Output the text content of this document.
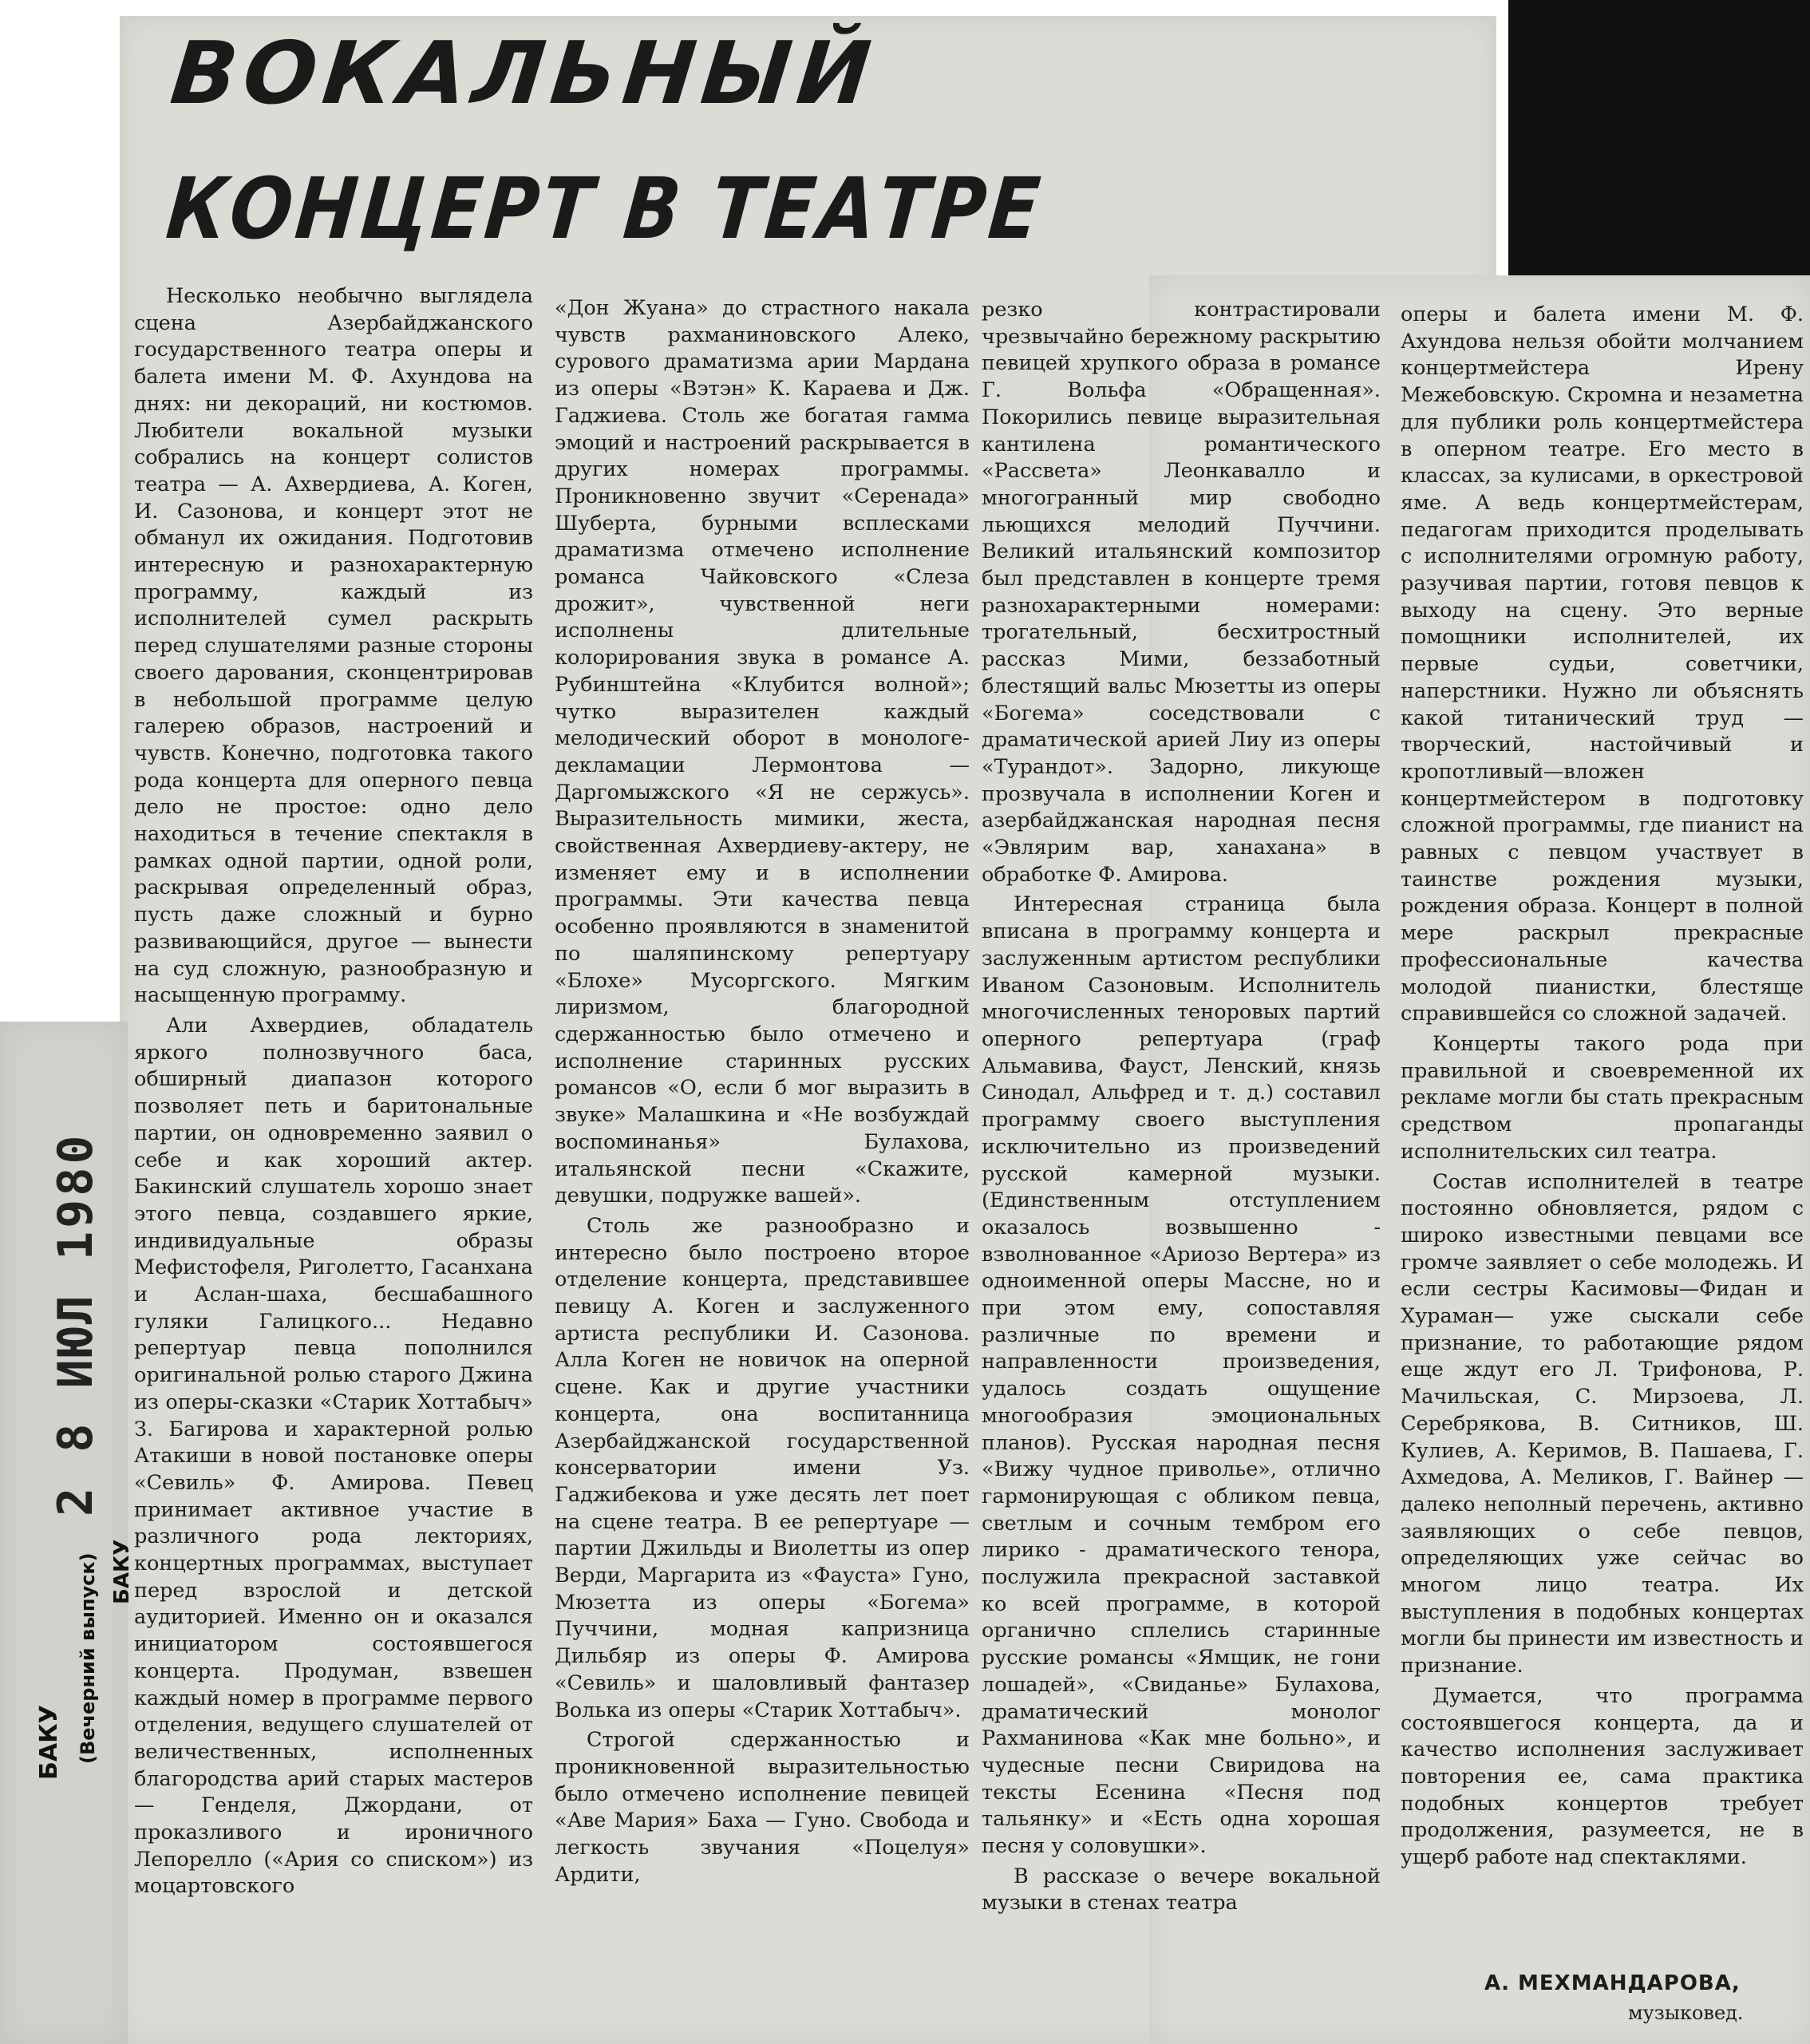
ВОКАЛЬНЫЙ
КОНЦЕРТ В ТЕАТРЕ

Несколько необычно выглядела сцена Азербайджанского государственного театра оперы и балета имени М. Ф. Ахундова на днях: ни декораций, ни костюмов. Любители вокальной музыки собрались на концерт солистов театра — А. Ахвердиева, А. Коген, И. Сазонова, и концерт этот не обманул их ожидания. Подготовив интересную и разнохарактерную программу, каждый из исполнителей сумел раскрыть перед слушателями разные стороны своего дарования, сконцентрировав в небольшой программе целую галерею образов, настроений и чувств. Конечно, подготовка такого рода концерта для оперного певца дело не простое: одно дело находиться в течение спектакля в рамках одной партии, одной роли, раскрывая определенный образ, пусть даже сложный и бурно развивающийся, другое — вынести на суд сложную, разнообразную и насыщенную программу.

Али Ахвердиев, обладатель яркого полнозвучного баса, обширный диапазон которого позволяет петь и баритональные партии, он одновременно заявил о себе и как хороший актер. Бакинский слушатель хорошо знает этого певца, создавшего яркие, индивидуальные образы Мефистофеля, Риголетто, Гасанхана и Аслан-шаха, бесшабашного гуляки Галицкого... Недавно репертуар певца пополнился оригинальной ролью старого Джина из оперы-сказки «Старик Хоттабыч» З. Багирова и характерной ролью Атакиши в новой постановке оперы «Севиль» Ф. Амирова. Певец принимает активное участие в различного рода лекториях, концертных программах, выступает перед взрослой и детской аудиторией. Именно он и оказался инициатором состоявшегося концерта. Продуман, взвешен каждый номер в программе первого отделения, ведущего слушателей от величественных, исполненных благородства арий старых мастеров — Генделя, Джордани, от проказливого и ироничного Лепорелло («Ария со списком») из моцартовского

«Дон Жуана» до страстного накала чувств рахманиновского Алеко, сурового драматизма арии Мардана из оперы «Вэтэн» К. Караева и Дж. Гаджиева. Столь же богатая гамма эмоций и настроений раскрывается в других номерах программы. Проникновенно звучит «Серенада» Шуберта, бурными всплесками драматизма отмечено исполнение романса Чайковского «Слеза дрожит», чувственной неги исполнены длительные колорирования звука в романсе А. Рубинштейна «Клубится волной»; чутко выразителен каждый мелодический оборот в монологе-декламации Лермонтова — Даргомыжского «Я не сержусь». Выразительность мимики, жеста, свойственная Ахвердиеву-актеру, не изменяет ему и в исполнении программы. Эти качества певца особенно проявляются в знаменитой по шаляпинскому репертуару «Блохе» Мусоргского. Мягким лиризмом, благородной сдержанностью было отмечено и исполнение старинных русских романсов «О, если б мог выразить в звуке» Малашкина и «Не возбуждай воспоминанья» Булахова, итальянской песни «Скажите, девушки, подружке вашей».

Столь же разнообразно и интересно было построено второе отделение концерта, представившее певицу А. Коген и заслуженного артиста республики И. Сазонова. Алла Коген не новичок на оперной сцене. Как и другие участники концерта, она воспитанница Азербайджанской государственной консерватории имени Уз. Гаджибекова и уже десять лет поет на сцене театра. В ее репертуаре — партии Джильды и Виолетты из опер Верди, Маргарита из «Фауста» Гуно, Мюзетта из оперы «Богема» Пуччини, модная капризница Дильбяр из оперы Ф. Амирова «Севиль» и шаловливый фантазер Волька из оперы «Старик Хоттабыч».

Строгой сдержанностью и проникновенной выразительностью было отмечено исполнение певицей «Аве Мария» Баха — Гуно. Свобода и легкость звучания «Поцелуя» Ардити,

резко контрастировали чрезвычайно бережному раскрытию певицей хрупкого образа в романсе Г. Вольфа «Обращенная». Покорились певице выразительная кантилена романтического «Рассвета» Леонкавалло и многогранный мир свободно льющихся мелодий Пуччини. Великий итальянский композитор был представлен в концерте тремя разнохарактерными номерами: трогательный, бесхитростный рассказ Мими, беззаботный блестящий вальс Мюзетты из оперы «Богема» соседствовали с драматической арией Лиу из оперы «Турандот». Задорно, ликующе прозвучала в исполнении Коген и азербайджанская народная песня «Эвлярим вар, ханахана» в обработке Ф. Амирова.

Интересная страница была вписана в программу концерта и заслуженным артистом республики Иваном Сазоновым. Исполнитель многочисленных теноровых партий оперного репертуара (граф Альмавива, Фауст, Ленский, князь Синодал, Альфред и т. д.) составил программу своего выступления исключительно из произведений русской камерной музыки. (Единственным отступлением оказалось возвышенно - взволнованное «Ариозо Вертера» из одноименной оперы Массне, но и при этом ему, сопоставляя различные по времени и направленности произведения, удалось создать ощущение многообразия эмоциональных планов). Русская народная песня «Вижу чудное приволье», отлично гармонирующая с обликом певца, светлым и сочным тембром его лирико - драматического тенора, послужила прекрасной заставкой ко всей программе, в которой органично сплелись старинные русские романсы «Ямщик, не гони лошадей», «Свиданье» Булахова, драматический монолог Рахманинова «Как мне больно», и чудесные песни Свиридова на тексты Есенина «Песня под тальянку» и «Есть одна хорошая песня у соловушки».

В рассказе о вечере вокальной музыки в стенах театра

оперы и балета имени М. Ф. Ахундова нельзя обойти молчанием концертмейстера Ирену Межебовскую. Скромна и незаметна для публики роль концертмейстера в оперном театре. Его место в классах, за кулисами, в оркестровой яме. А ведь концертмейстерам, педагогам приходится проделывать с исполнителями огромную работу, разучивая партии, готовя певцов к выходу на сцену. Это верные помощники исполнителей, их первые судьи, советчики, наперстники. Нужно ли объяснять какой титанический труд — творческий, настойчивый и кропотливый—вложен концертмейстером в подготовку сложной программы, где пианист на равных с певцом участвует в таинстве рождения музыки, рождения образа. Концерт в полной мере раскрыл прекрасные профессиональные качества молодой пианистки, блестяще справившейся со сложной задачей.

Концерты такого рода при правильной и своевременной их рекламе могли бы стать прекрасным средством пропаганды исполнительских сил театра.

Состав исполнителей в театре постоянно обновляется, рядом с широко известными певцами все громче заявляет о себе молодежь. И если сестры Касимовы—Фидан и Хураман— уже сыскали себе признание, то работающие рядом еще ждут его Л. Трифонова, Р. Мачильская, С. Мирзоева, Л. Серебрякова, В. Ситников, Ш. Кулиев, А. Керимов, В. Пашаева, Г. Ахмедова, А. Меликов, Г. Вайнер — далеко неполный перечень, активно заявляющих о себе певцов, определяющих уже сейчас во многом лицо театра. Их выступления в подобных концертах могли бы принести им известность и признание.

Думается, что программа состоявшегося концерта, да и качество исполнения заслуживает повторения ее, сама практика подобных концертов требует продолжения, разумеется, не в ущерб работе над спектаклями.

А. МЕХМАНДАРОВА,
музыковед.
2 8 ИЮЛ 1980
БАКУ (Вечерний выпуск) БАКУ
